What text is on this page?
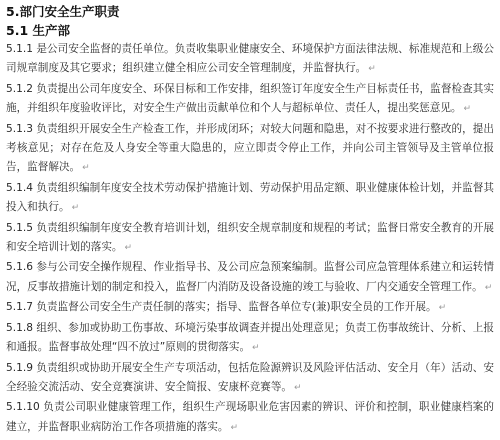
5.部门安全生产职责
5.1 生产部
5.1.1 是公司安全监督的责任单位。负责收集职业健康安全、环境保护方面法律法规、标准规范和上级公司规章制度及其它要求；组织建立健全相应公司安全管理制度，并监督执行。 ↵
5.1.2 负责提出公司年度安全、环保目标和工作安排，组织签订年度安全生产目标责任书，监督检查其实施，并组织年度验收评比，对安全生产做出贡献单位和个人与超标单位、责任人，提出奖惩意见。 ↵
5.1.3 负责组织开展安全生产检查工作，并形成闭环；对较大问题和隐患，对不按要求进行整改的，提出考核意见；对存在危及人身安全等重大隐患的，应立即责令停止工作，并向公司主管领导及主管单位报告，监督解决。 ↵
5.1.4 负责组织编制年度安全技术劳动保护措施计划、劳动保护用品定额、职业健康体检计划，并监督其投入和执行。 ↵
5.1.5 负责组织编制年度安全教育培训计划，组织安全规章制度和规程的考试；监督日常安全教育的开展和安全培训计划的落实。 ↵
5.1.6 参与公司安全操作规程、作业指导书、及公司应急预案编制。监督公司应急管理体系建立和运转情况，反事故措施计划的制定和投入，监督厂内消防及设备设施的竣工与验收、厂内交通安全管理工作。 ↵
5.1.7 负责监督公司安全生产责任制的落实；指导、监督各单位专(兼)职安全员的工作开展。 ↵
5.1.8 组织、参加或协助工伤事故、环境污染事故调查并提出处理意见；负责工伤事故统计、分析、上报和通报。监督事故处理“四不放过”原则的贯彻落实。 ↵
5.1.9 负责组织或协助开展安全生产专项活动，包括危险源辨识及风险评估活动、安全月（年）活动、安全经验交流活动、安全竞赛演讲、安全简报、安康杯竞赛等。 ↵
5.1.10 负责公司职业健康管理工作，组织生产现场职业危害因素的辨识、评价和控制，职业健康档案的建立，并监督职业病防治工作各项措施的落实。 ↵
